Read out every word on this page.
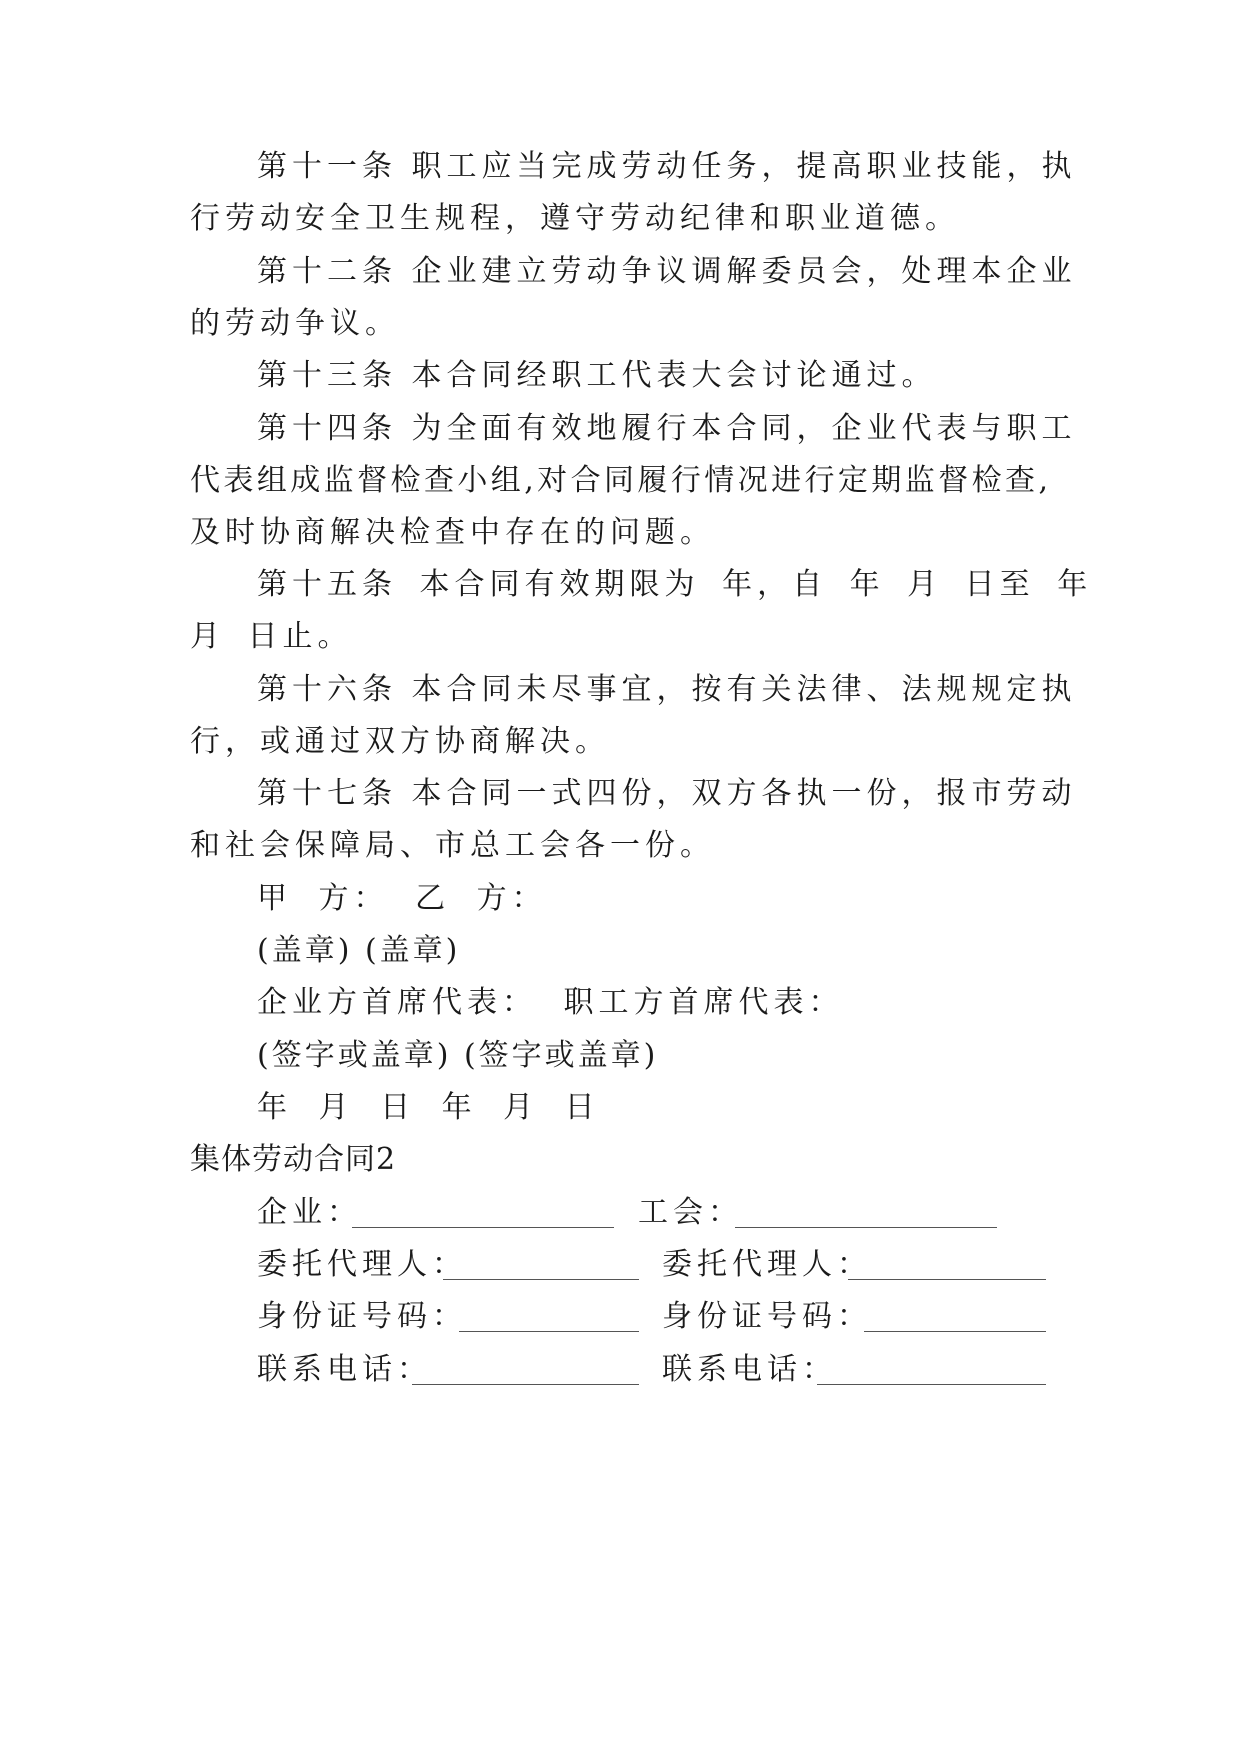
第十一条 职工应当完成劳动任务，提高职业技能，执
行劳动安全卫生规程，遵守劳动纪律和职业道德。
第十二条 企业建立劳动争议调解委员会，处理本企业
的劳动争议。
第十三条 本合同经职工代表大会讨论通过。
第十四条 为全面有效地履行本合同，企业代表与职工
代表组成监督检查小组,对合同履行情况进行定期监督检查,
及时协商解决检查中存在的问题。
第十五条 本合同有效期限为 年，自 年 月 日至 年
月 日止。
第十六条 本合同未尽事宜，按有关法律、法规规定执
行，或通过双方协商解决。
第十七条 本合同一式四份，双方各执一份，报市劳动
和社会保障局、市总工会各一份。
甲 方： 乙 方：
(盖章) (盖章)
企业方首席代表： 职工方首席代表：
(签字或盖章) (签字或盖章)
年 月 日 年 月 日
集体劳动合同2
企业：	工会：
委托代理人：	委托代理人：
身份证号码：	身份证号码：
联系电话：	联系电话：
